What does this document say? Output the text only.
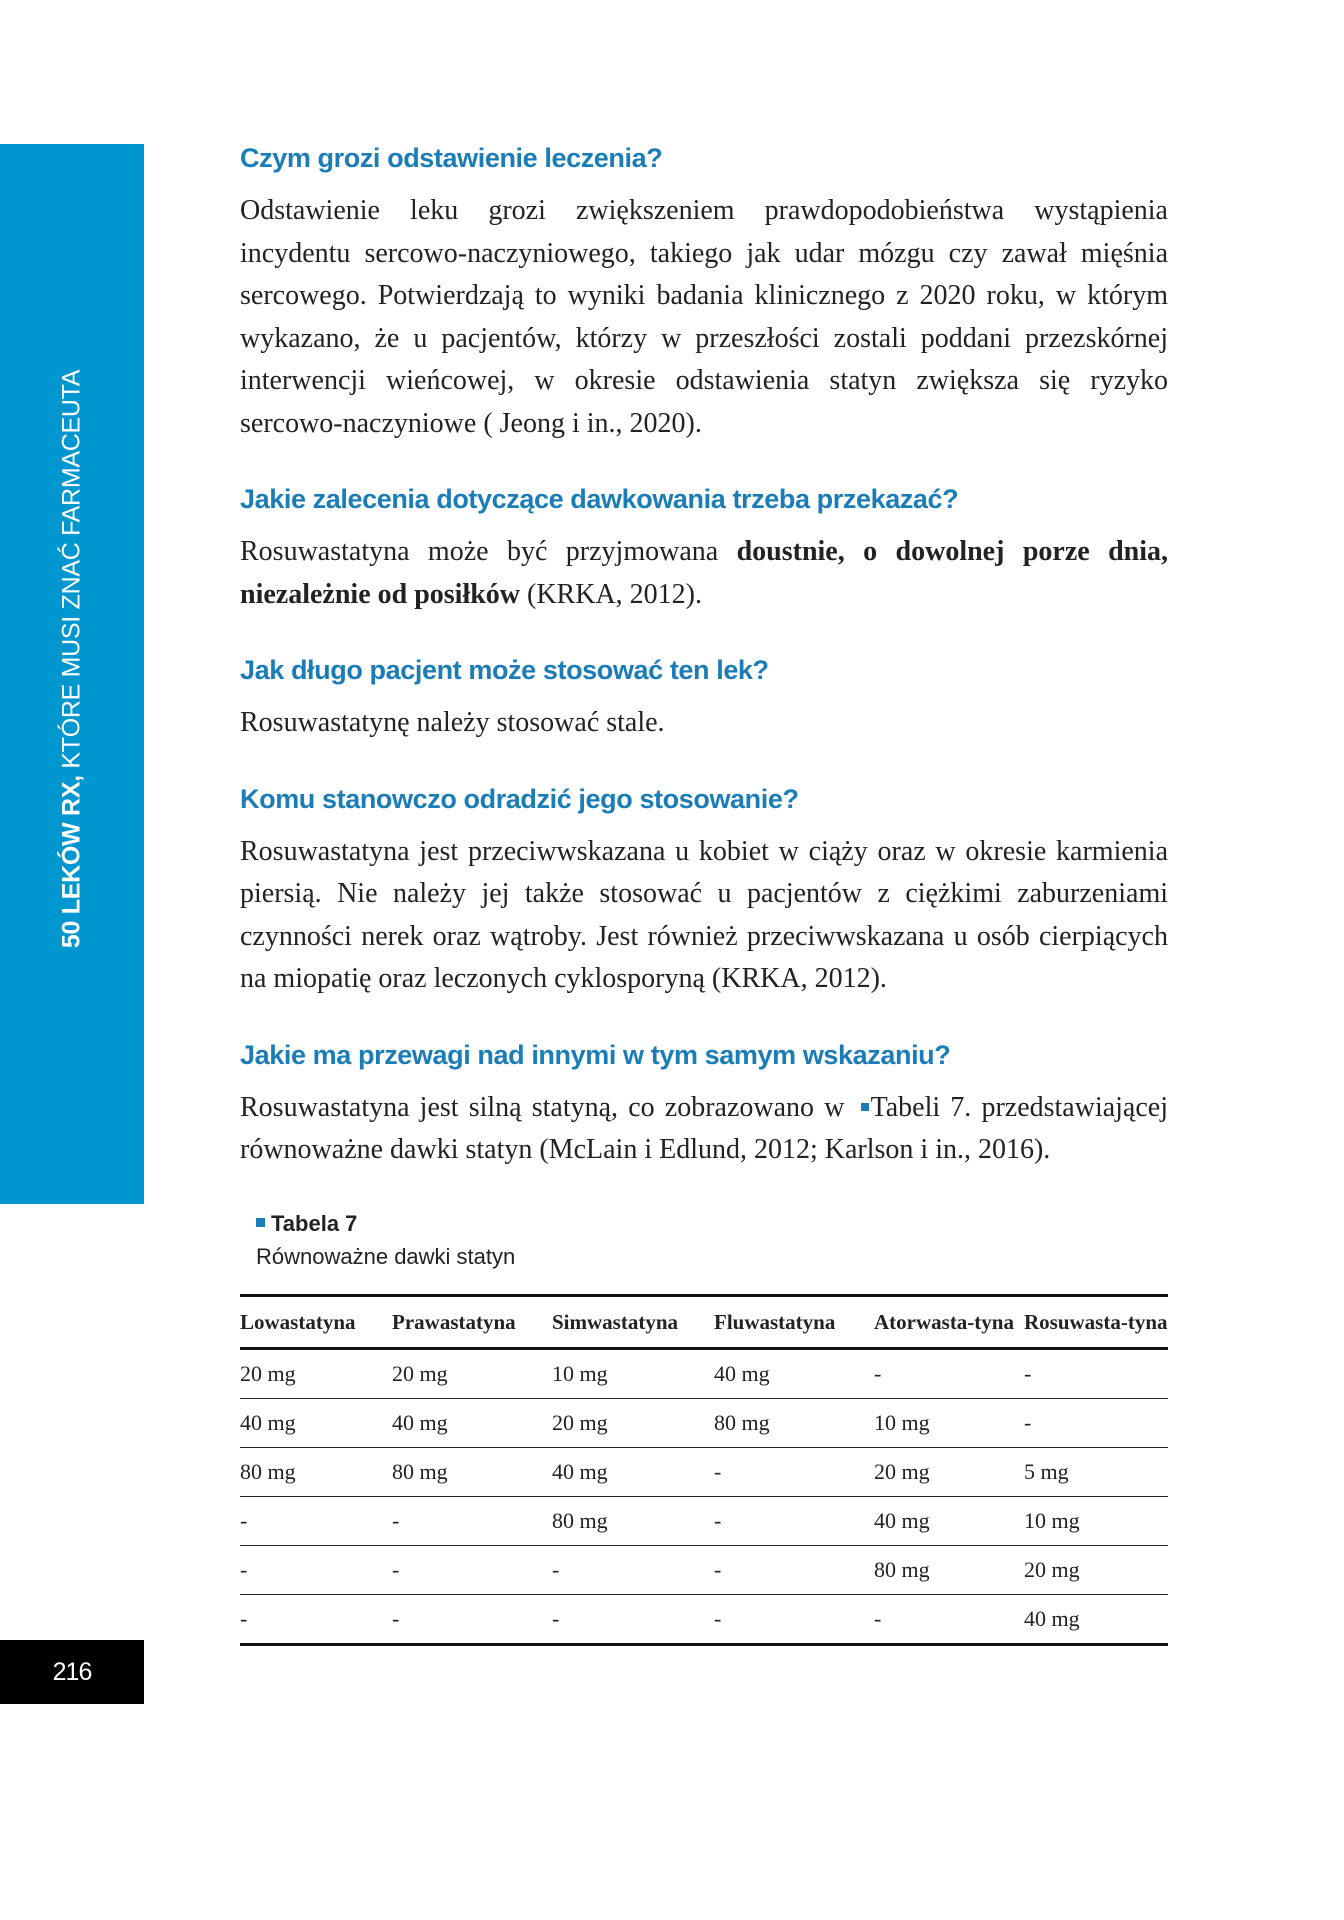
50 LEKÓW RX, KTÓRE MUSI ZNAĆ FARMACEUTA
216
Czym grozi odstawienie leczenia?

Odstawienie leku grozi zwiększeniem prawdopodobieństwa wystąpienia incydentu sercowo-naczyniowego, takiego jak udar mózgu czy zawał mięśnia sercowego. Potwierdzają to wyniki badania klinicznego z 2020 roku, w którym wykazano, że u pacjentów, którzy w przeszłości zostali poddani przezskórnej interwencji wieńcowej, w okresie odstawienia statyn zwiększa się ryzyko sercowo-naczyniowe ( Jeong i in., 2020).

Jakie zalecenia dotyczące dawkowania trzeba przekazać?

Rosuwastatyna może być przyjmowana doustnie, o dowolnej porze dnia, niezależnie od posiłków (KRKA, 2012).

Jak długo pacjent może stosować ten lek?

Rosuwastatynę należy stosować stale.

Komu stanowczo odradzić jego stosowanie?

Rosuwastatyna jest przeciwwskazana u kobiet w ciąży oraz w okresie karmienia piersią. Nie należy jej także stosować u pacjentów z ciężkimi zaburzeniami czynności nerek oraz wątroby. Jest również przeciwwskazana u osób cierpiących na miopatię oraz leczonych cyklosporyną (KRKA, 2012).

Jakie ma przewagi nad innymi w tym samym wskazaniu?

Rosuwastatyna jest silną statyną, co zobrazowano w Tabeli 7. przedstawiającej równoważne dawki statyn (McLain i Edlund, 2012; Karlson i in., 2016).

Tabela 7
Równoważne dawki statyn
Lowastatyna	Prawastatyna	Simwastatyna	Fluwastatyna	Atorwasta-tyna	Rosuwasta-tyna
20 mg	20 mg	10 mg	40 mg	-	-
40 mg	40 mg	20 mg	80 mg	10 mg	-
80 mg	80 mg	40 mg	-	20 mg	5 mg
-	-	80 mg	-	40 mg	10 mg
-	-	-	-	80 mg	20 mg
-	-	-	-	-	40 mg
